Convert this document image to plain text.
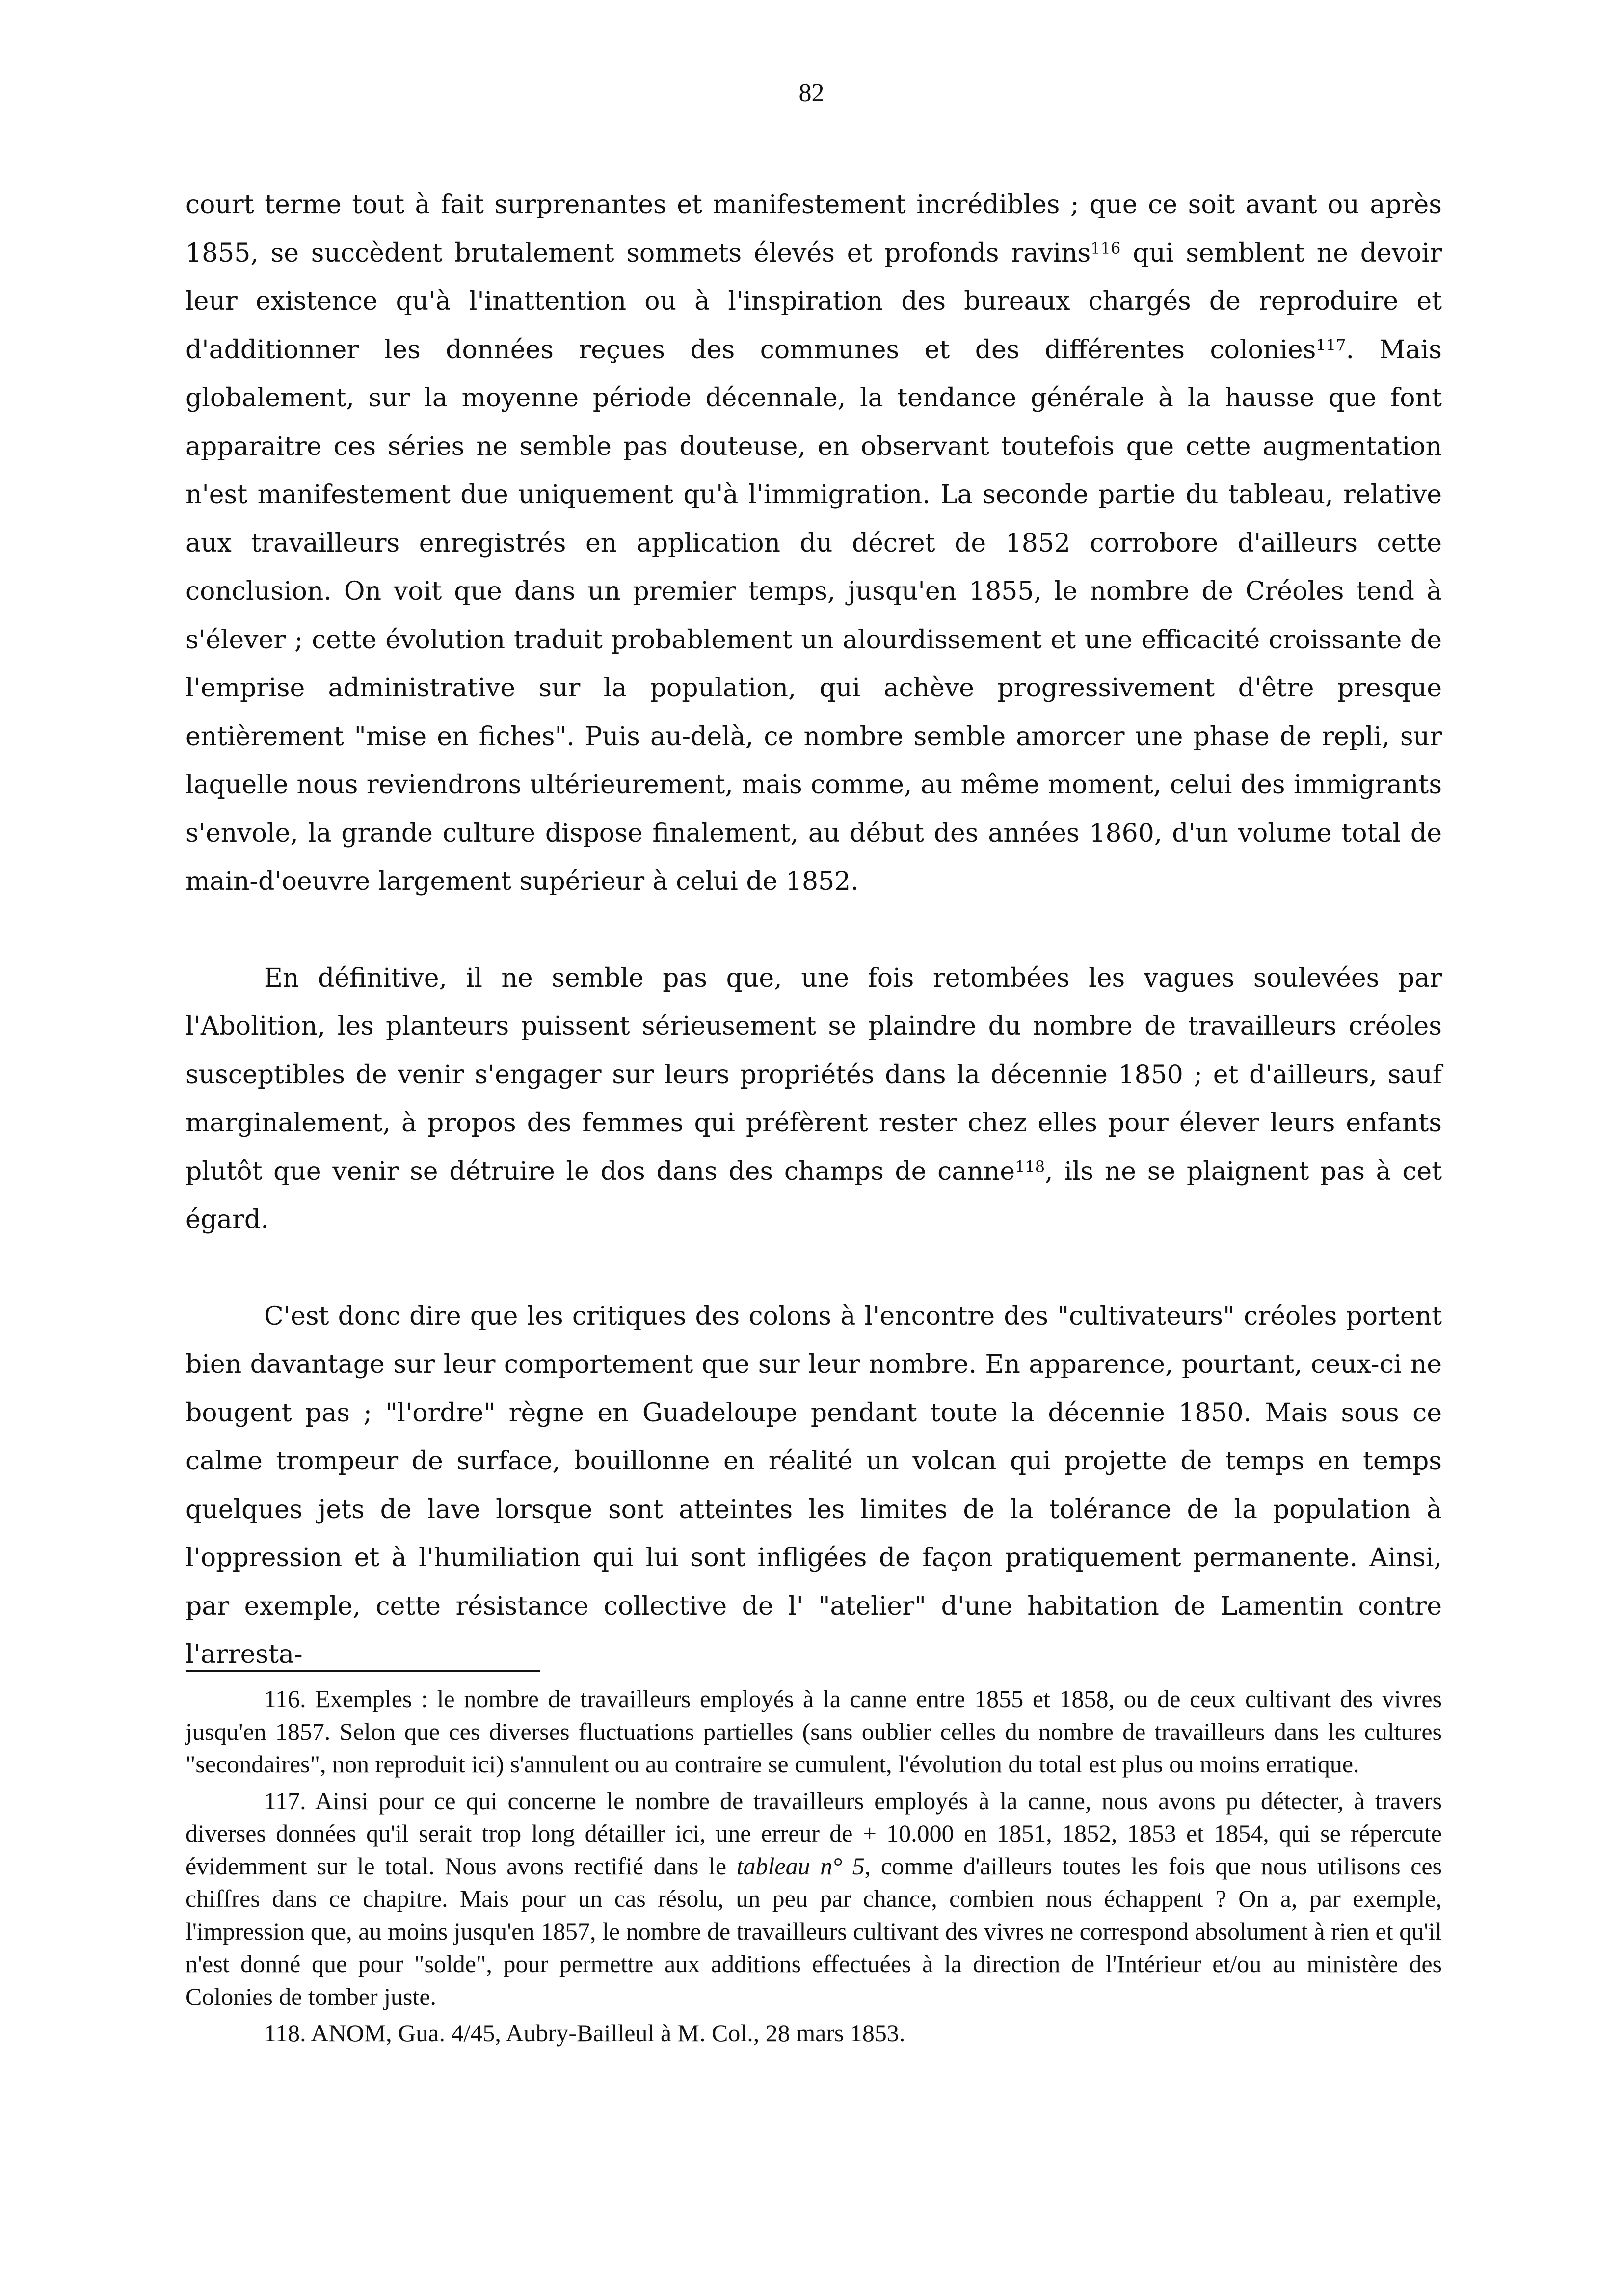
82

court terme tout à fait surprenantes et manifestement incrédibles ; que ce soit avant ou après 1855, se succèdent brutalement sommets élevés et profonds ravins$^{116}$ qui semblent ne devoir leur existence qu'à l'inattention ou à l'inspiration des bureaux chargés de reproduire et d'additionner les données reçues des communes et des différentes colonies$^{117}$. Mais globalement, sur la moyenne période décennale, la tendance générale à la hausse que font apparaitre ces séries ne semble pas douteuse, en observant toutefois que cette augmentation n'est manifestement due uniquement qu'à l'immigration. La seconde partie du tableau, relative aux travailleurs enregistrés en application du décret de 1852 corrobore d'ailleurs cette conclusion. On voit que dans un premier temps, jusqu'en 1855, le nombre de Créoles tend à s'élever ; cette évolution traduit probablement un alourdissement et une efficacité croissante de l'emprise administrative sur la population, qui achève progressivement d'être presque entièrement "mise en fiches". Puis au-delà, ce nombre semble amorcer une phase de repli, sur laquelle nous reviendrons ultérieurement, mais comme, au même moment, celui des immigrants s'envole, la grande culture dispose finalement, au début des années 1860, d'un volume total de main-d'oeuvre largement supérieur à celui de 1852.

En définitive, il ne semble pas que, une fois retombées les vagues soulevées par l'Abolition, les planteurs puissent sérieusement se plaindre du nombre de travailleurs créoles susceptibles de venir s'engager sur leurs propriétés dans la décennie 1850 ; et d'ailleurs, sauf marginalement, à propos des femmes qui préfèrent rester chez elles pour élever leurs enfants plutôt que venir se détruire le dos dans des champs de canne$^{118}$, ils ne se plaignent pas à cet égard.

C'est donc dire que les critiques des colons à l'encontre des "cultivateurs" créoles portent bien davantage sur leur comportement que sur leur nombre. En apparence, pourtant, ceux-ci ne bougent pas ; "l'ordre" règne en Guadeloupe pendant toute la décennie 1850. Mais sous ce calme trompeur de surface, bouillonne en réalité un volcan qui projette de temps en temps quelques jets de lave lorsque sont atteintes les limites de la tolérance de la population à l'oppression et à l'humiliation qui lui sont infligées de façon pratiquement permanente. Ainsi, par exemple, cette résistance collective de l' "atelier" d'une habitation de Lamentin contre l'arresta-

116. Exemples : le nombre de travailleurs employés à la canne entre 1855 et 1858, ou de ceux cultivant des vivres jusqu'en 1857. Selon que ces diverses fluctuations partielles (sans oublier celles du nombre de travailleurs dans les cultures "secondaires", non reproduit ici) s'annulent ou au contraire se cumulent, l'évolution du total est plus ou moins erratique.

117. Ainsi pour ce qui concerne le nombre de travailleurs employés à la canne, nous avons pu détecter, à travers diverses données qu'il serait trop long détailler ici, une erreur de + 10.000 en 1851, 1852, 1853 et 1854, qui se répercute évidemment sur le total. Nous avons rectifié dans le tableau n° 5, comme d'ailleurs toutes les fois que nous utilisons ces chiffres dans ce chapitre. Mais pour un cas résolu, un peu par chance, combien nous échappent ? On a, par exemple, l'impression que, au moins jusqu'en 1857, le nombre de travailleurs cultivant des vivres ne correspond absolument à rien et qu'il n'est donné que pour "solde", pour permettre aux additions effectuées à la direction de l'Intérieur et/ou au ministère des Colonies de tomber juste.

118. ANOM, Gua. 4/45, Aubry-Bailleul à M. Col., 28 mars 1853.
